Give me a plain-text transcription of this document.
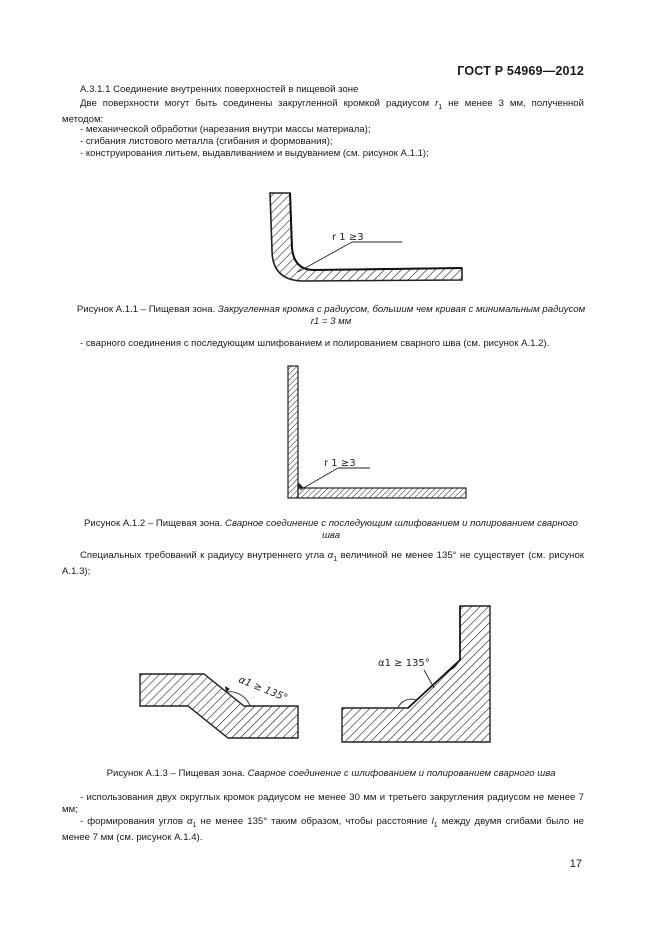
ГОСТ Р 54969—2012
А.3.1.1 Соединение внутренних поверхностей в пищевой зоне
Две поверхности могут быть соединены закругленной кромкой радиусом $r_1$ не менее 3 мм, полученной методом:
- механической обработки (нарезания внутри массы материала);
- сгибания листового металла (сгибания и формования);
- конструирования литьем, выдавливанием и выдуванием (см. рисунок А.1.1);
r 1 ≥3
Рисунок А.1.1 – Пищевая зона. Закругленная кромка с радиусом, большим чем кривая с минимальным радиусом
r1 = 3 мм
- сварного соединения с последующим шлифованием и полированием сварного шва (см. рисунок А.1.2).
r 1 ≥3
Рисунок А.1.2 – Пищевая зона. Сварное соединение с последующим шлифованием и полированием сварного
шва
Специальных требований к радиусу внутреннего угла $\alpha_1$ величиной не менее 135° не существует (см. рисунок А.1.3);
α1 ≥ 135°
α1 ≥ 135°
Рисунок А.1.3 – Пищевая зона. Сварное соединение с шлифованием и полированием сварного шва
- использования двух округлых кромок радиусом не менее 30 мм и третьего закругления радиусом не менее 7 мм;
- формирования углов $\alpha_1$ не менее 135° таким образом, чтобы расстояние $l_1$ между двумя сгибами было не менее 7 мм (см. рисунок А.1.4).
17
